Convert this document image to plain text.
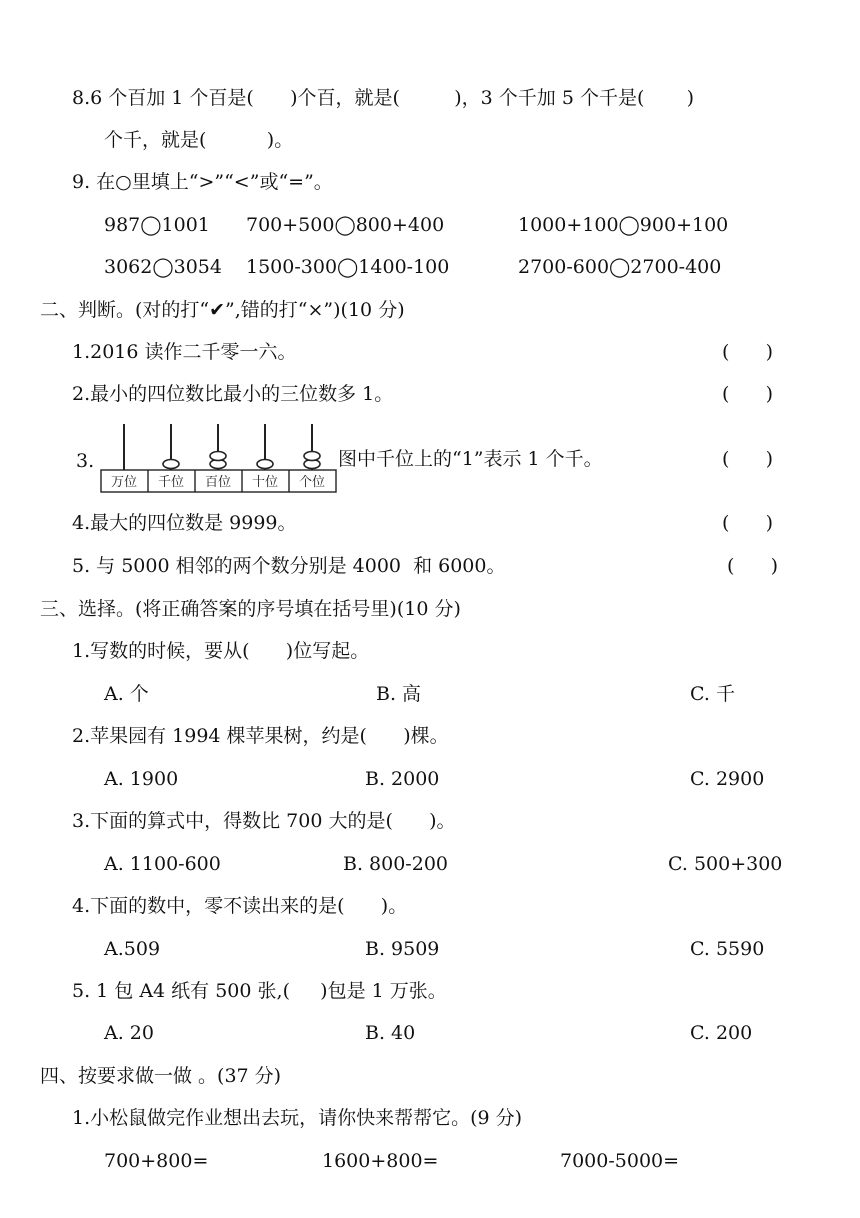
8.6 个百加 1 个百是(      )个百，就是(         )，3 个千加 5 个千是(       )
个千，就是(          )。
9. 在○里填上“>”“<”或“=”。
987◯1001 700+500◯800+400	1000+100◯900+100
3062◯3054 1500-300◯1400-100	2700-600◯2700-400
二、判断。(对的打“✔”,错的打“×”)(10 分)
1.2016 读作二千零一六。	(      )
2.最小的四位数比最小的三位数多 1。	(      )
3.
万位 千位 百位 十位 个位
图中千位上的“1”表示 1 个千。	(      )
4.最大的四位数是 9999。	(      )
5. 与 5000 相邻的两个数分别是 4000  和 6000。	(      )
三、选择。(将正确答案的序号填在括号里)(10 分)
1.写数的时候，要从(      )位写起。
A. 个	B. 高	C. 千
2.苹果园有 1994 棵苹果树，约是(      )棵。
A. 1900	B. 2000	C. 2900
3.下面的算式中，得数比 700 大的是(      )。
A. 1100-600	B. 800-200	C. 500+300
4.下面的数中，零不读出来的是(      )。
A.509	B. 9509	C. 5590
5. 1 包 A4 纸有 500 张,(     )包是 1 万张。
A. 20	B. 40	C. 200
四、按要求做一做 。(37 分)
1.小松鼠做完作业想出去玩，请你快来帮帮它。(9 分)
700+800=	1600+800=	7000-5000=
